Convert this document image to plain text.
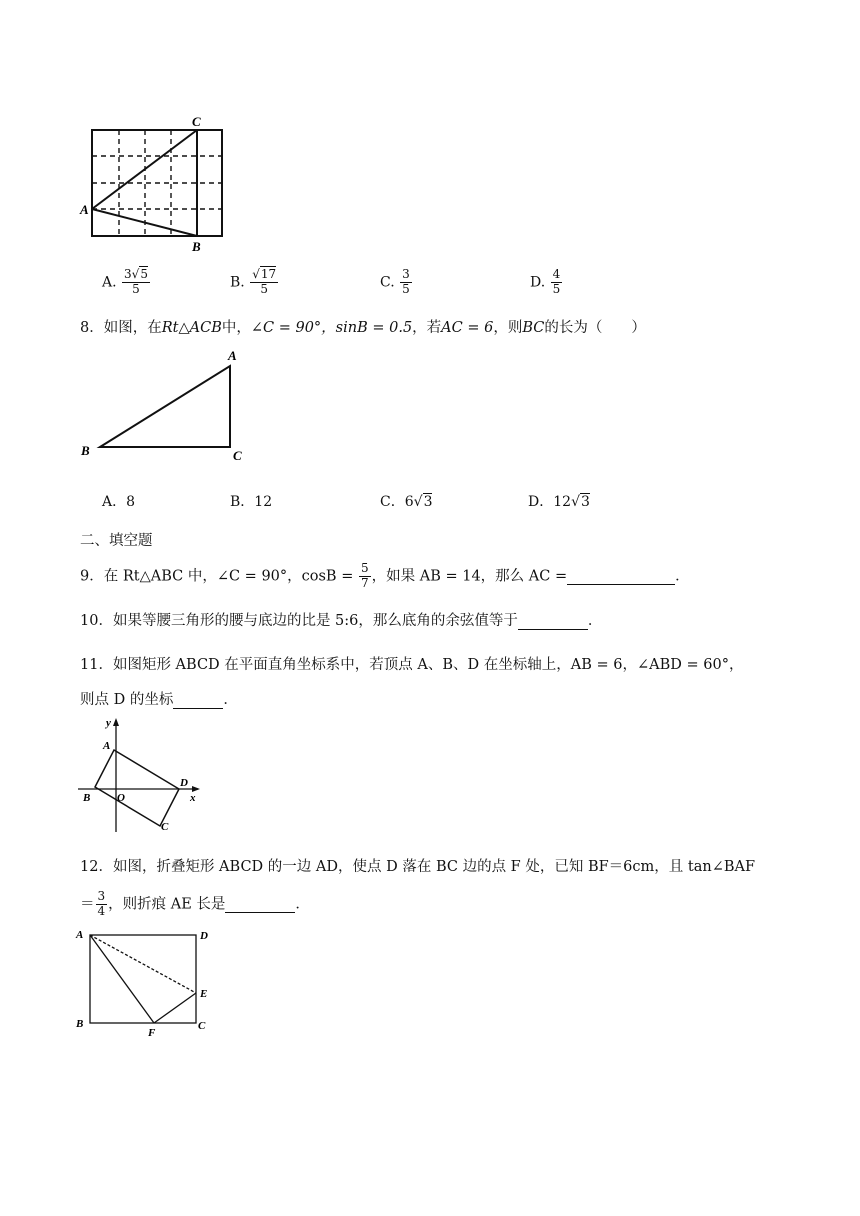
C
A
B
A. $\frac{3√5}{5}$	B. $\frac{√17}{5}$	C. $\frac{3}{5}$	D. $\frac{4}{5}$
8．如图，在Rt△ACB中，∠C = 90°，sinB = 0.5，若AC = 6，则BC的长为（　　）
A
B	C
A．8	B．12	C．6√3	D．12√3
二、填空题
9．在 Rt△ABC 中，∠C = 90°，$\cos B = \frac{5}{7}$ ，如果 AB = 14，那么 AC =	．
10．如果等腰三角形的腰与底边的比是 5:6，那么底角的余弦值等于	．
11．如图矩形 ABCD 在平面直角坐标系中，若顶点 A、B、D 在坐标轴上，AB = 6，∠ABD = 60°，
则点 D 的坐标	．
y
x
A
B O
D
C
12．如图，折叠矩形 ABCD 的一边 AD，使点 D 落在 BC 边的点 F 处，已知 BF＝6cm，且 tan∠BAF
＝ $\frac{3}{4}$ ，则折痕 AE 长是	．
A	D
E
B
F
C
